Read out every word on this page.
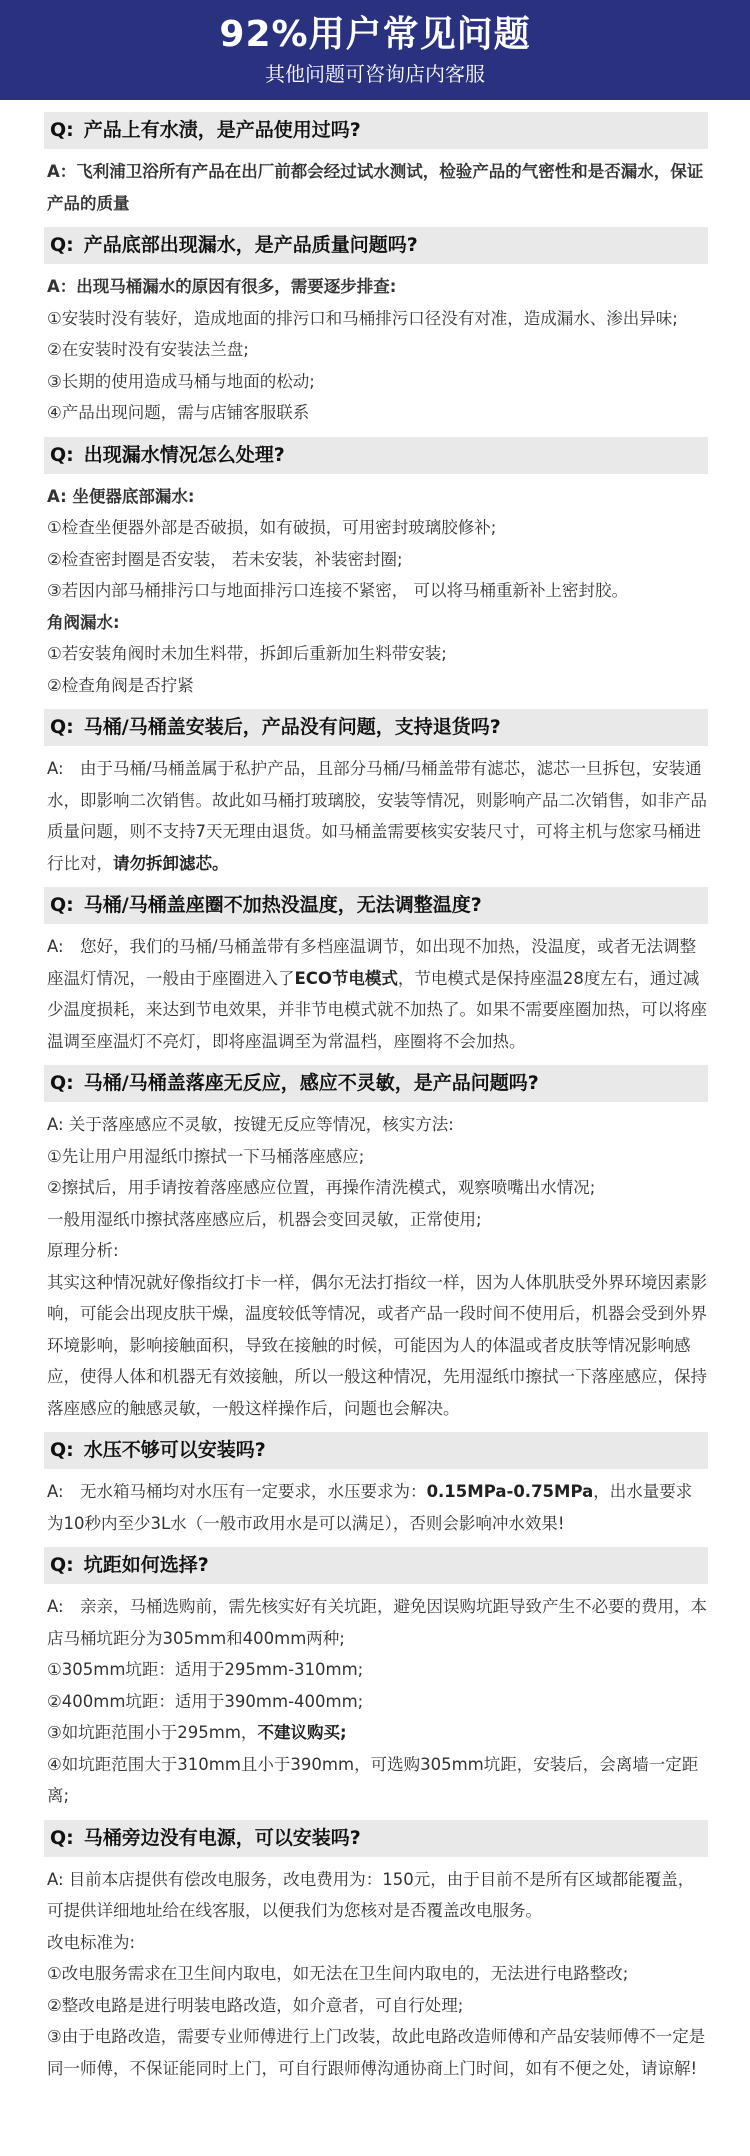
92%用户常见问题
其他问题可咨询店内客服
Q: 产品上有水渍，是产品使用过吗?

A：飞利浦卫浴所有产品在出厂前都会经过试水测试，检验产品的气密性和是否漏水，保证产品的质量

Q: 产品底部出现漏水，是产品质量问题吗?

A：出现马桶漏水的原因有很多，需要逐步排查:

①安装时没有装好，造成地面的排污口和马桶排污口径没有对准，造成漏水、渗出异味;

②在安装时没有安装法兰盘;

③长期的使用造成马桶与地面的松动;

④产品出现问题，需与店铺客服联系

Q: 出现漏水情况怎么处理?

A: 坐便器底部漏水:

①检查坐便器外部是否破损，如有破损，可用密封玻璃胶修补;

②检查密封圈是否安装， 若未安装，补装密封圈;

③若因内部马桶排污口与地面排污口连接不紧密， 可以将马桶重新补上密封胶。

角阀漏水:

①若安装角阀时未加生料带，拆卸后重新加生料带安装;

②检查角阀是否拧紧

Q: 马桶/马桶盖安装后，产品没有问题，支持退货吗?

A:　由于马桶/马桶盖属于私护产品，且部分马桶/马桶盖带有滤芯，滤芯一旦拆包，安装通水，即影响二次销售。故此如马桶打玻璃胶，安装等情况，则影响产品二次销售，如非产品质量问题，则不支持7天无理由退货。如马桶盖需要核实安装尺寸，可将主机与您家马桶进行比对，请勿拆卸滤芯。

Q: 马桶/马桶盖座圈不加热没温度，无法调整温度?

A:　您好，我们的马桶/马桶盖带有多档座温调节，如出现不加热，没温度，或者无法调整座温灯情况，一般由于座圈进入了ECO节电模式，节电模式是保持座温28度左右，通过减少温度损耗，来达到节电效果，并非节电模式就不加热了。如果不需要座圈加热，可以将座温调至座温灯不亮灯，即将座温调至为常温档，座圈将不会加热。

Q: 马桶/马桶盖落座无反应，感应不灵敏，是产品问题吗?

A: 关于落座感应不灵敏，按键无反应等情况，核实方法:

①先让用户用湿纸巾擦拭一下马桶落座感应;

②擦拭后，用手请按着落座感应位置，再操作清洗模式，观察喷嘴出水情况;

一般用湿纸巾擦拭落座感应后，机器会变回灵敏，正常使用;

原理分析:

其实这种情况就好像指纹打卡一样，偶尔无法打指纹一样，因为人体肌肤受外界环境因素影响，可能会出现皮肤干燥，温度较低等情况，或者产品一段时间不使用后，机器会受到外界环境影响，影响接触面积，导致在接触的时候，可能因为人的体温或者皮肤等情况影响感应，使得人体和机器无有效接触，所以一般这种情况，先用湿纸巾擦拭一下落座感应，保持落座感应的触感灵敏，一般这样操作后，问题也会解决。

Q: 水压不够可以安装吗?

A:　无水箱马桶均对水压有一定要求，水压要求为：0.15MPa-0.75MPa，出水量要求为10秒内至少3L水（一般市政用水是可以满足），否则会影响冲水效果!

Q: 坑距如何选择?

A:　亲亲，马桶选购前，需先核实好有关坑距，避免因误购坑距导致产生不必要的费用，本店马桶坑距分为305mm和400mm两种;

①305mm坑距：适用于295mm-310mm;

②400mm坑距：适用于390mm-400mm;

③如坑距范围小于295mm，不建议购买;

④如坑距范围大于310mm且小于390mm，可选购305mm坑距，安装后，会离墙一定距离;

Q: 马桶旁边没有电源，可以安装吗?

A: 目前本店提供有偿改电服务，改电费用为：150元，由于目前不是所有区域都能覆盖，可提供详细地址给在线客服，以便我们为您核对是否覆盖改电服务。

改电标准为:

①改电服务需求在卫生间内取电，如无法在卫生间内取电的，无法进行电路整改;

②整改电路是进行明装电路改造，如介意者，可自行处理;

③由于电路改造，需要专业师傅进行上门改装，故此电路改造师傅和产品安装师傅不一定是同一师傅，不保证能同时上门，可自行跟师傅沟通协商上门时间，如有不便之处，请谅解!
